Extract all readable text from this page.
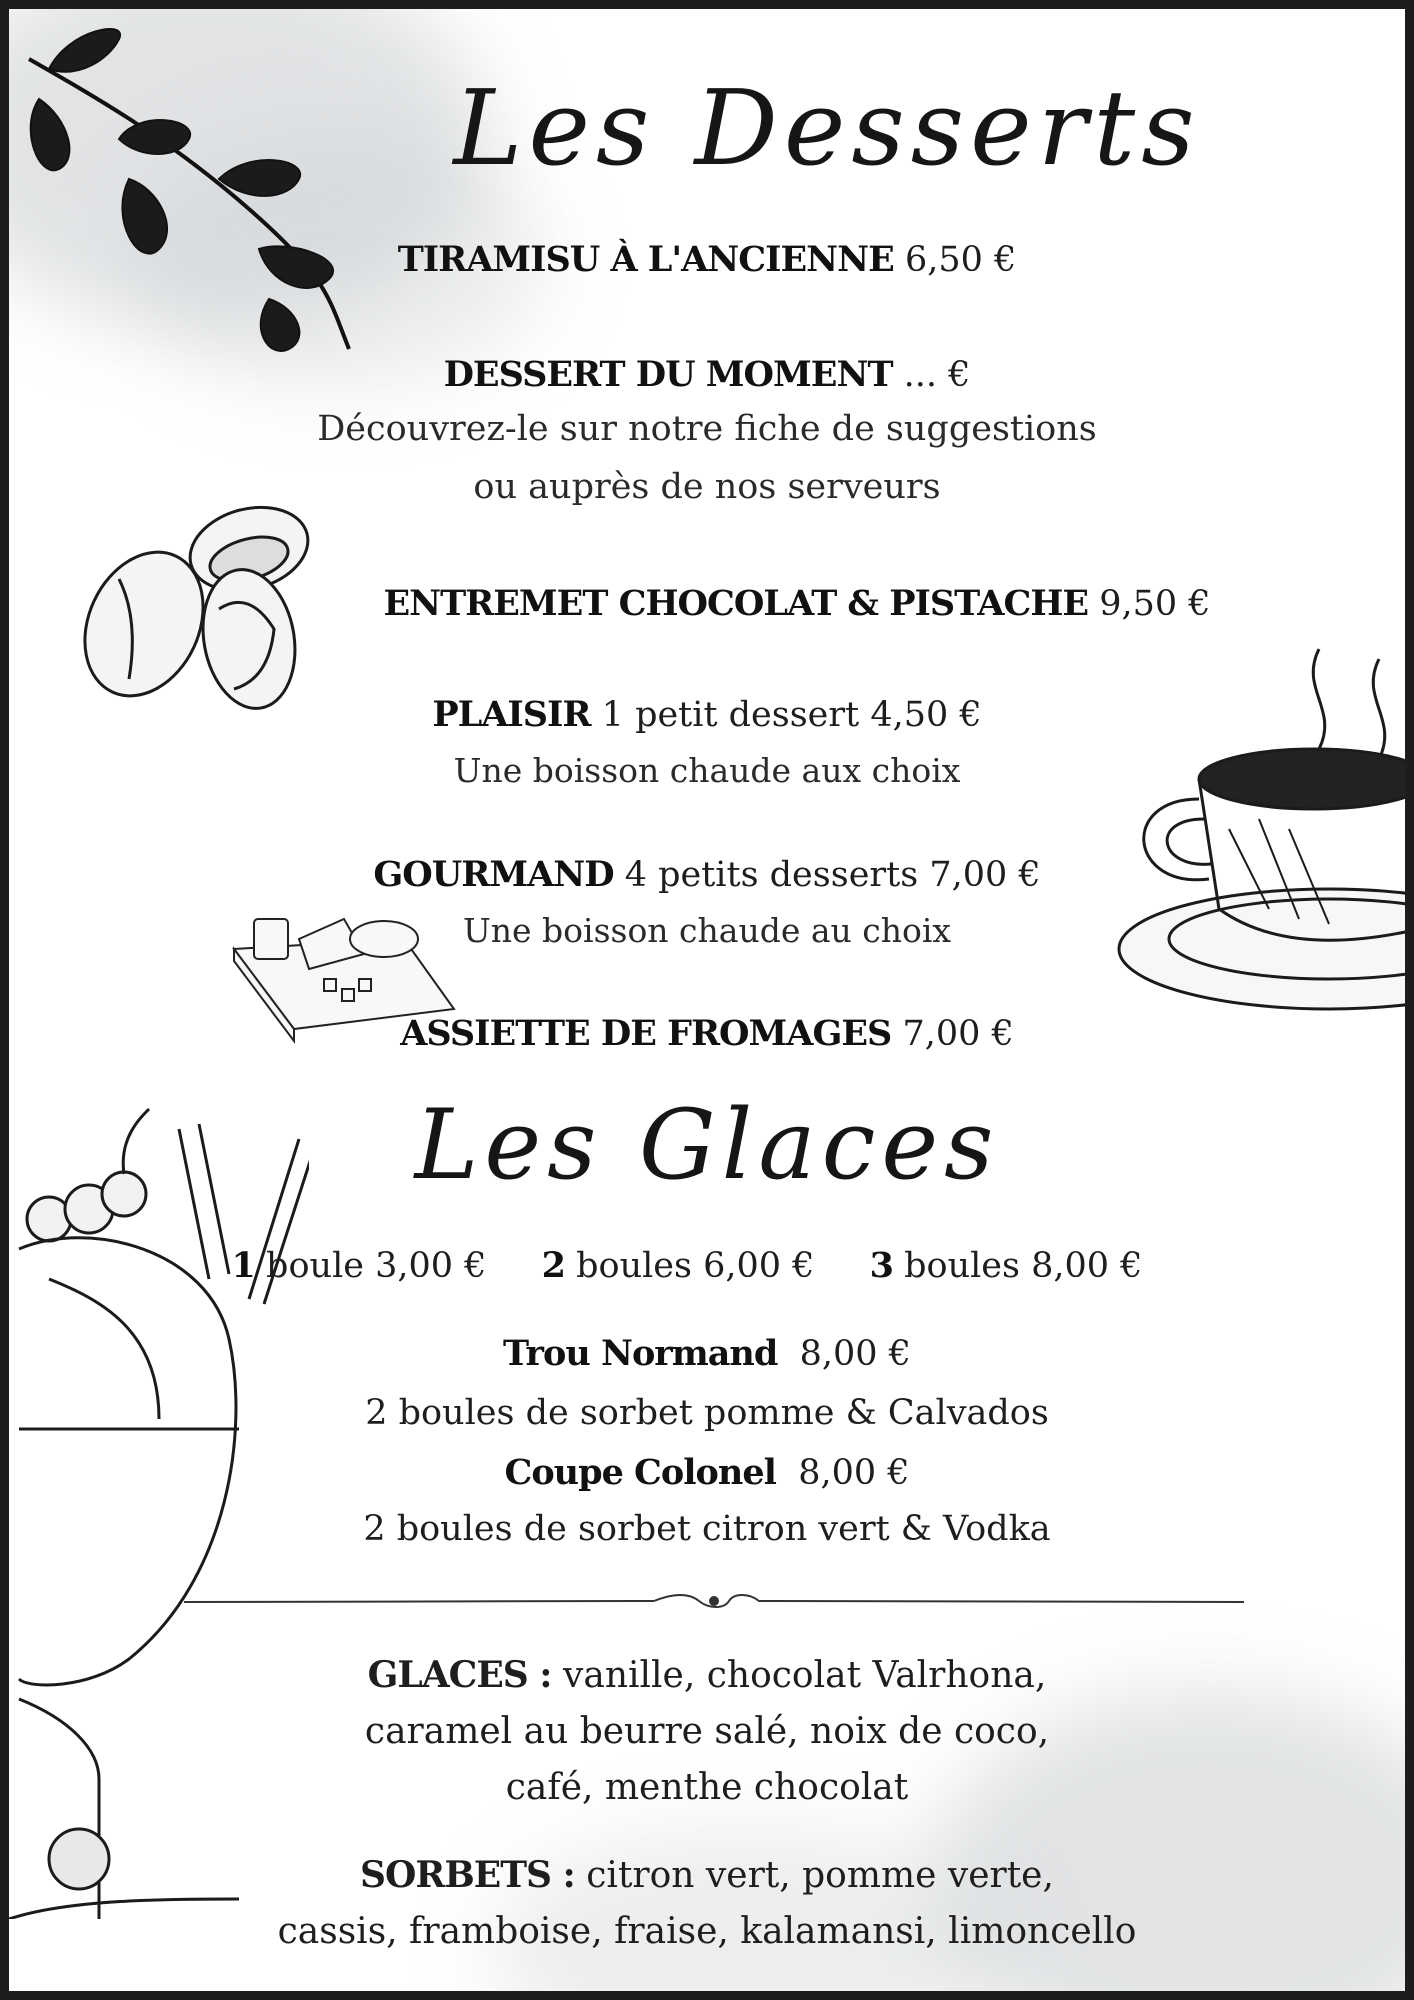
Les Desserts
TIRAMISU À L'ANCIENNE 6,50 €
DESSERT DU MOMENT ... €
Découvrez-le sur notre fiche de suggestions
ou auprès de nos serveurs
ENTREMET CHOCOLAT & PISTACHE 9,50 €
PLAISIR 1 petit dessert 4,50 €
Une boisson chaude aux choix
GOURMAND 4 petits desserts 7,00 €
Une boisson chaude au choix
ASSIETTE DE FROMAGES 7,00 €
Les Glaces
1 boule 3,00 € 2 boules 6,00 € 3 boules 8,00 €
Trou Normand 8,00 €
2 boules de sorbet pomme & Calvados
Coupe Colonel 8,00 €
2 boules de sorbet citron vert & Vodka
GLACES : vanille, chocolat Valrhona,
caramel au beurre salé, noix de coco,
café, menthe chocolat
SORBETS : citron vert, pomme verte,
cassis, framboise, fraise, kalamansi, limoncello
